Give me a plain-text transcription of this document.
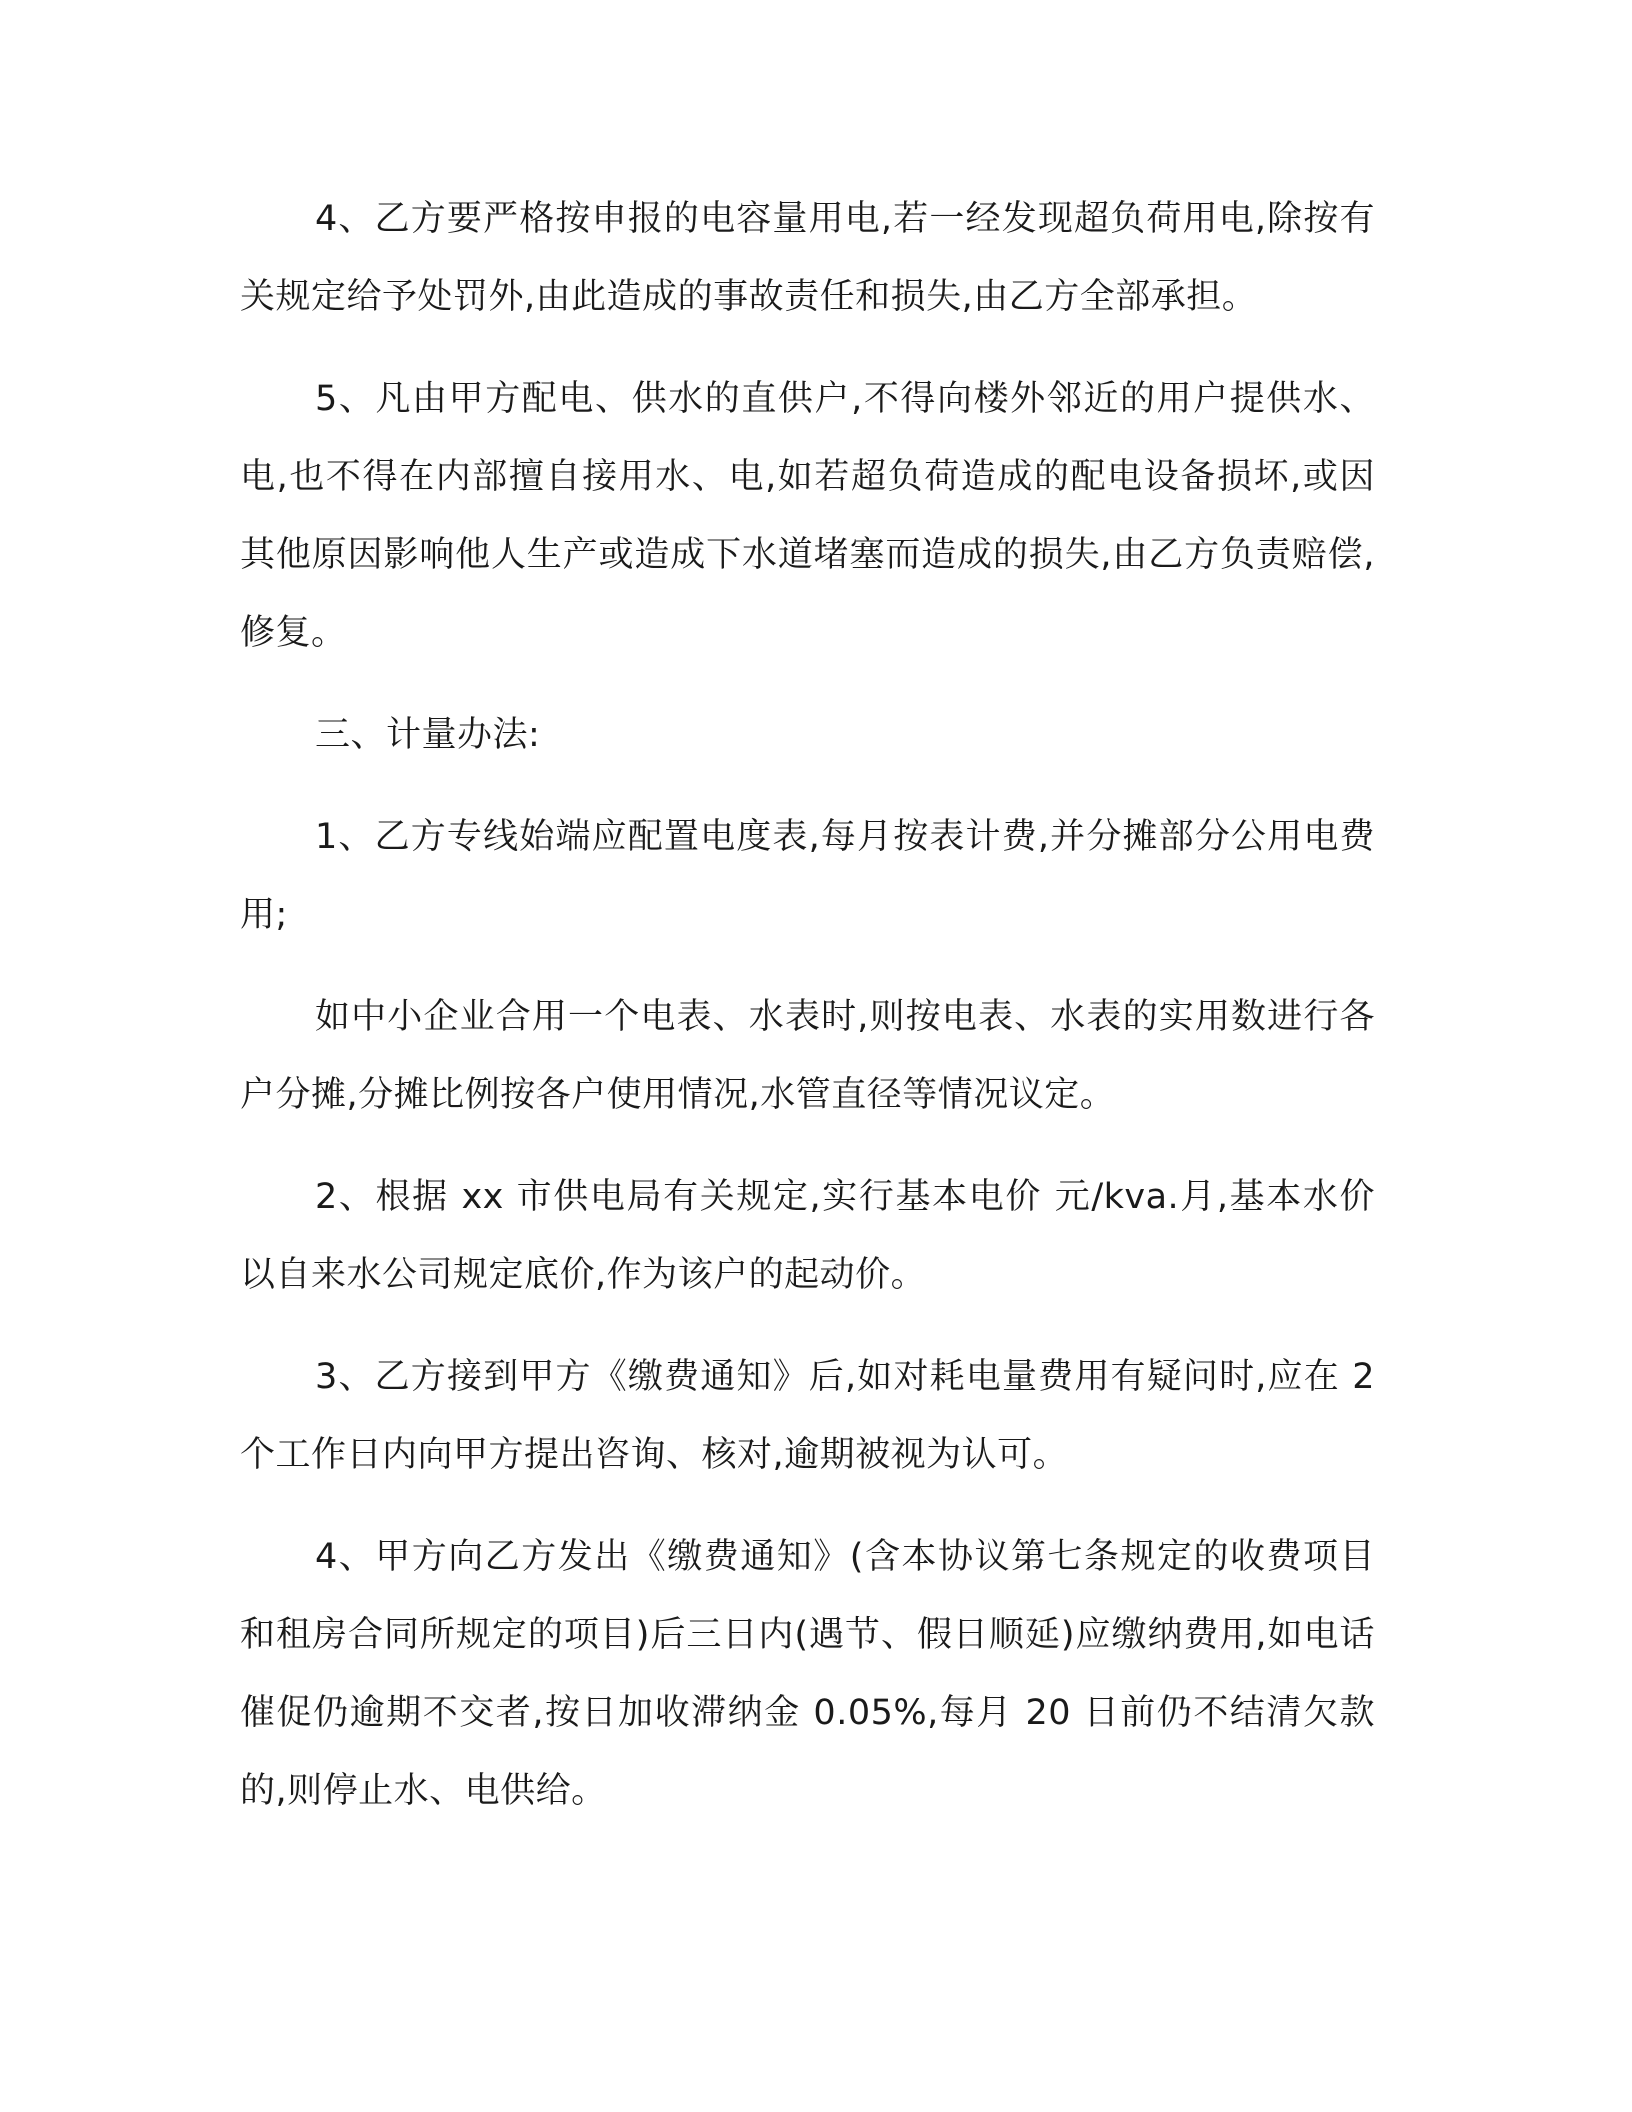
4、乙方要严格按申报的电容量用电,若一经发现超负荷用电,除按有关规定给予处罚外,由此造成的事故责任和损失,由乙方全部承担。

5、凡由甲方配电、供水的直供户,不得向楼外邻近的用户提供水、电,也不得在内部擅自接用水、电,如若超负荷造成的配电设备损坏,或因其他原因影响他人生产或造成下水道堵塞而造成的损失,由乙方负责赔偿,修复。

三、计量办法:

1、乙方专线始端应配置电度表,每月按表计费,并分摊部分公用电费用;

如中小企业合用一个电表、水表时,则按电表、水表的实用数进行各户分摊,分摊比例按各户使用情况,水管直径等情况议定。

2、根据 xx 市供电局有关规定,实行基本电价 元/kva.月,基本水价以自来水公司规定底价,作为该户的起动价。

3、乙方接到甲方《缴费通知》后,如对耗电量费用有疑问时,应在 2 个工作日内向甲方提出咨询、核对,逾期被视为认可。

4、甲方向乙方发出《缴费通知》(含本协议第七条规定的收费项目和租房合同所规定的项目)后三日内(遇节、假日顺延)应缴纳费用,如电话催促仍逾期不交者,按日加收滞纳金 0.05%,每月 20 日前仍不结清欠款的,则停止水、电供给。
